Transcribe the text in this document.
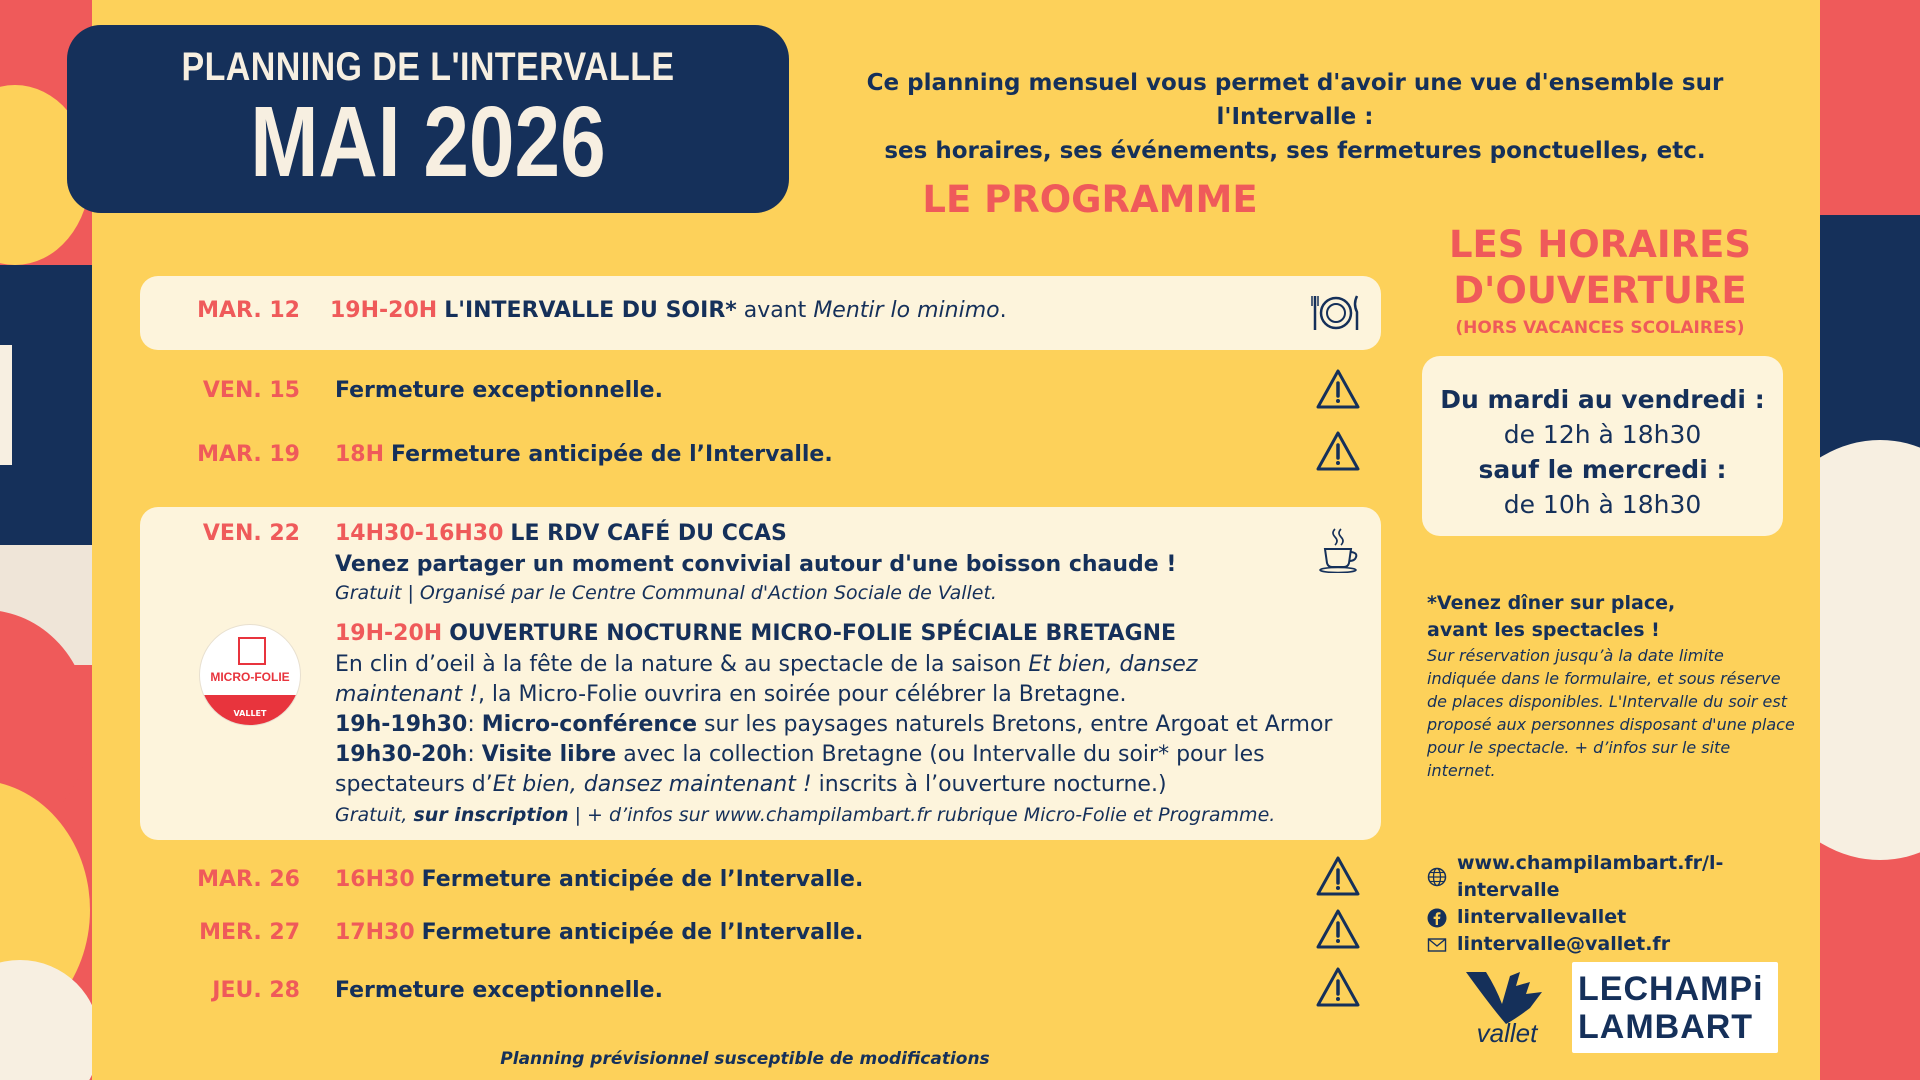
PLANNING DE L'INTERVALLE
MAI 2026
Ce planning mensuel vous permet d'avoir une vue d'ensemble sur l'Intervalle :
ses horaires, ses événements, ses fermetures ponctuelles, etc.
LE PROGRAMME
MAR. 12 19H-20H L'INTERVALLE DU SOIR* avant Mentir lo minimo.
VEN. 15 Fermeture exceptionnelle.
MAR. 19 18H Fermeture anticipée de l’Intervalle.
VEN. 22 14H30-16H30 LE RDV CAFÉ DU CCAS
Venez partager un moment convivial autour d'une boisson chaude !
Gratuit | Organisé par le Centre Communal d'Action Sociale de Vallet.
MICRO-FOLIE
VALLET
19H-20H OUVERTURE NOCTURNE MICRO-FOLIE SPÉCIALE BRETAGNE
En clin d’oeil à la fête de la nature & au spectacle de la saison Et bien, dansez
maintenant !, la Micro-Folie ouvrira en soirée pour célébrer la Bretagne.
19h-19h30: Micro-conférence sur les paysages naturels Bretons, entre Argoat et Armor
19h30-20h: Visite libre avec la collection Bretagne (ou Intervalle du soir* pour les
spectateurs d’Et bien, dansez maintenant ! inscrits à l’ouverture nocturne.)
Gratuit, sur inscription | + d’infos sur www.champilambart.fr rubrique Micro-Folie et Programme.
MAR. 26 16H30 Fermeture anticipée de l’Intervalle.
MER. 27 17H30 Fermeture anticipée de l’Intervalle.
JEU. 28 Fermeture exceptionnelle.
LES HORAIRES
D'OUVERTURE
(HORS VACANCES SCOLAIRES)
Du mardi au vendredi :
de 12h à 18h30
sauf le mercredi :
de 10h à 18h30
*Venez dîner sur place,
avant les spectacles !
Sur réservation jusqu’à la date limite indiquée dans le formulaire, et sous réserve de places disponibles. L'Intervalle du soir est proposé aux personnes disposant d'une place pour le spectacle. + d’infos sur le site internet.
www.champilambart.fr/l-intervalle
lintervallevallet
lintervalle@vallet.fr
vallet
LECHAMPi
LAMBART
Planning prévisionnel susceptible de modifications
